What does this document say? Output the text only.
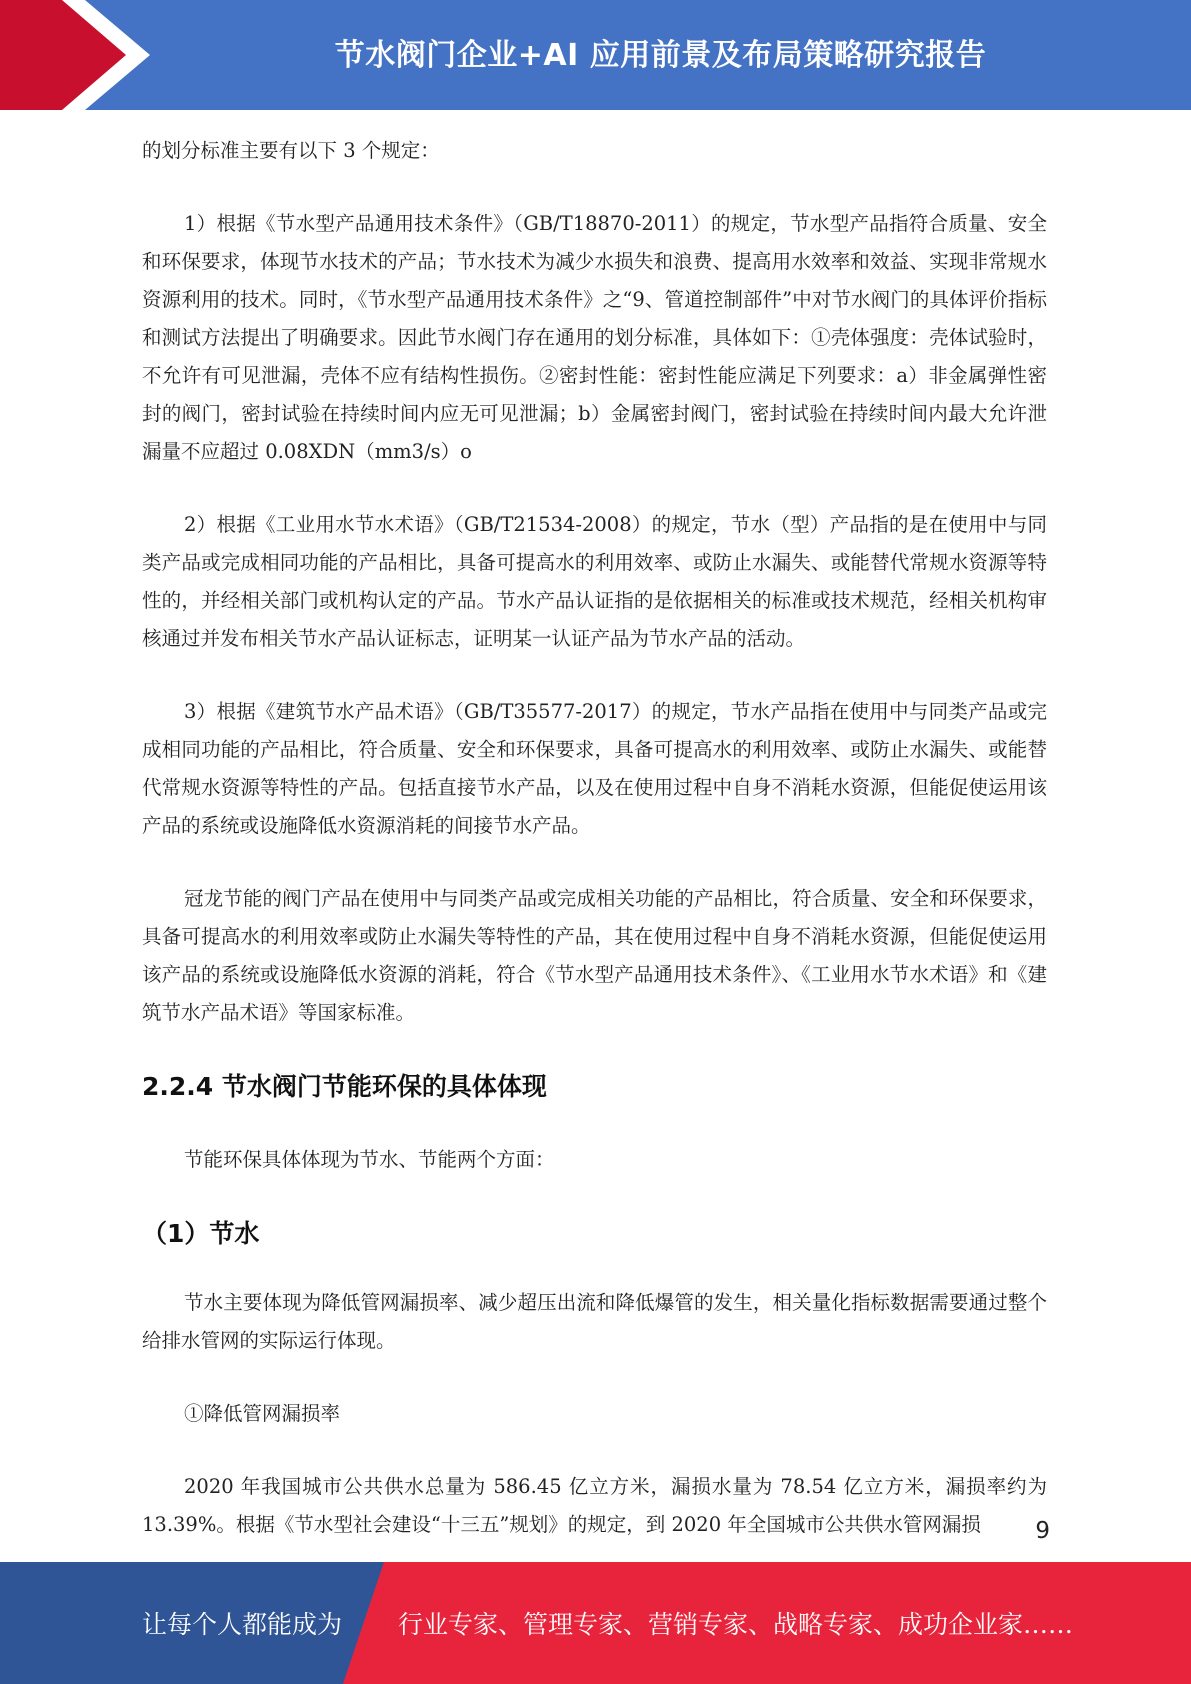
节水阀门企业+AI 应用前景及布局策略研究报告

的划分标准主要有以下 3 个规定：

1）根据《节水型产品通用技术条件》（GB/T18870-2011）的规定，节水型产品指符合质量、安全和环保要求，体现节水技术的产品；节水技术为减少水损失和浪费、提高用水效率和效益、实现非常规水资源利用的技术。同时，《节水型产品通用技术条件》之“9、管道控制部件”中对节水阀门的具体评价指标和测试方法提出了明确要求。因此节水阀门存在通用的划分标准，具体如下：①壳体强度：壳体试验时，不允许有可见泄漏，壳体不应有结构性损伤。②密封性能：密封性能应满足下列要求：a）非金属弹性密封的阀门，密封试验在持续时间内应无可见泄漏；b）金属密封阀门，密封试验在持续时间内最大允许泄漏量不应超过 0.08XDN（mm3/s）o

2）根据《工业用水节水术语》（GB/T21534-2008）的规定，节水（型）产品指的是在使用中与同类产品或完成相同功能的产品相比，具备可提高水的利用效率、或防止水漏失、或能替代常规水资源等特性的，并经相关部门或机构认定的产品。节水产品认证指的是依据相关的标准或技术规范，经相关机构审核通过并发布相关节水产品认证标志，证明某一认证产品为节水产品的活动。

3）根据《建筑节水产品术语》（GB/T35577-2017）的规定，节水产品指在使用中与同类产品或完成相同功能的产品相比，符合质量、安全和环保要求，具备可提高水的利用效率、或防止水漏失、或能替代常规水资源等特性的产品。包括直接节水产品，以及在使用过程中自身不消耗水资源，但能促使运用该产品的系统或设施降低水资源消耗的间接节水产品。

冠龙节能的阀门产品在使用中与同类产品或完成相关功能的产品相比，符合质量、安全和环保要求，具备可提高水的利用效率或防止水漏失等特性的产品，其在使用过程中自身不消耗水资源，但能促使运用该产品的系统或设施降低水资源的消耗，符合《节水型产品通用技术条件》、《工业用水节水术语》和《建筑节水产品术语》等国家标准。

2.2.4 节水阀门节能环保的具体体现

节能环保具体体现为节水、节能两个方面：

（1）节水

节水主要体现为降低管网漏损率、减少超压出流和降低爆管的发生，相关量化指标数据需要通过整个给排水管网的实际运行体现。

①降低管网漏损率

2020 年我国城市公共供水总量为 586.45 亿立方米，漏损水量为 78.54 亿立方米，漏损率约为 13.39%。根据《节水型社会建设“十三五”规划》的规定，到 2020 年全国城市公共供水管网漏损	9
让每个人都能成为 行业专家、管理专家、营销专家、战略专家、成功企业家……
